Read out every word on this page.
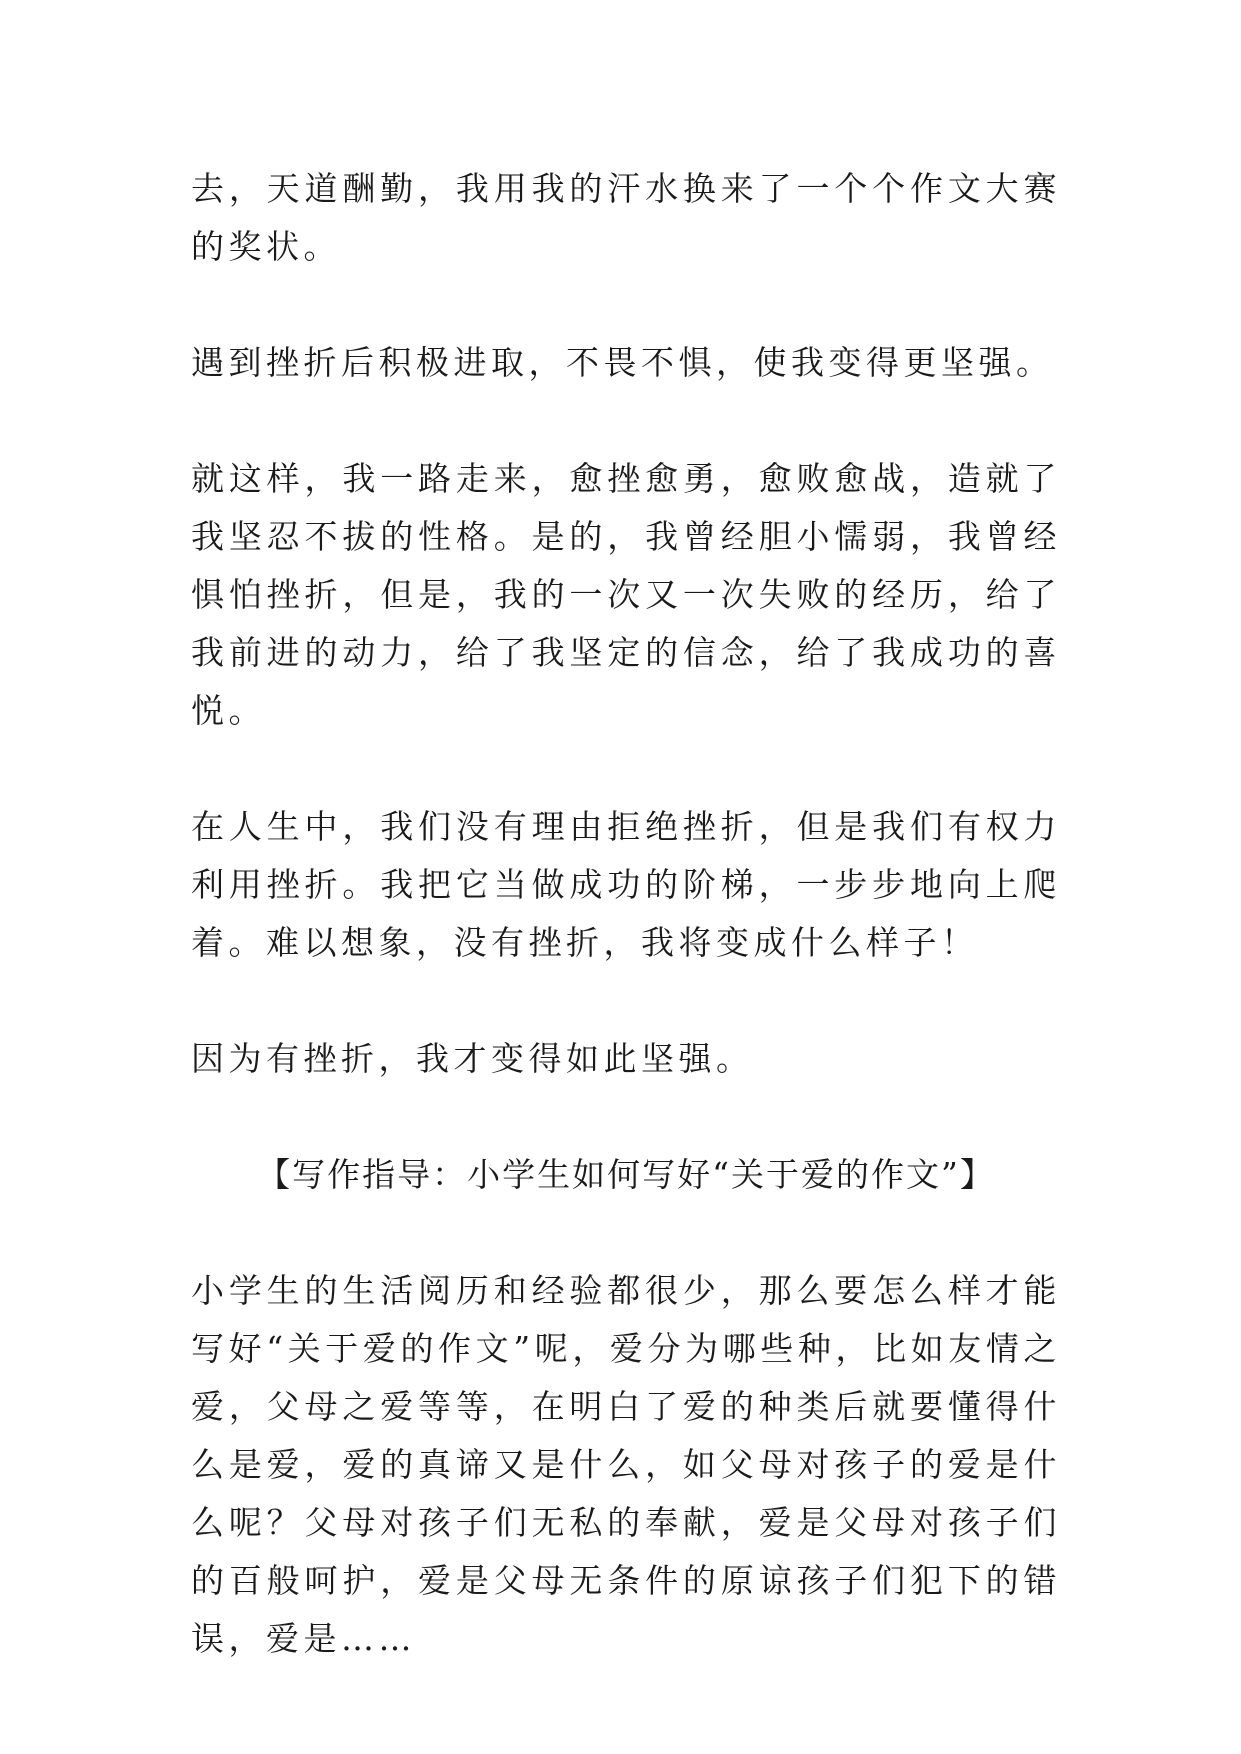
去，天道酬勤，我用我的汗水换来了一个个作文大赛的奖状。

遇到挫折后积极进取，不畏不惧，使我变得更坚强。

就这样，我一路走来，愈挫愈勇，愈败愈战，造就了我坚忍不拔的性格。是的，我曾经胆小懦弱，我曾经惧怕挫折，但是，我的一次又一次失败的经历，给了我前进的动力，给了我坚定的信念，给了我成功的喜悦。

在人生中，我们没有理由拒绝挫折，但是我们有权力利用挫折。我把它当做成功的阶梯，一步步地向上爬着。难以想象，没有挫折，我将变成什么样子！

因为有挫折，我才变得如此坚强。

【写作指导：小学生如何写好“关于爱的作文”】

小学生的生活阅历和经验都很少，那么要怎么样才能写好“关于爱的作文”呢，爱分为哪些种，比如友情之爱，父母之爱等等，在明白了爱的种类后就要懂得什么是爱，爱的真谛又是什么，如父母对孩子的爱是什么呢？父母对孩子们无私的奉献，爱是父母对孩子们的百般呵护，爱是父母无条件的原谅孩子们犯下的错误，爱是……
